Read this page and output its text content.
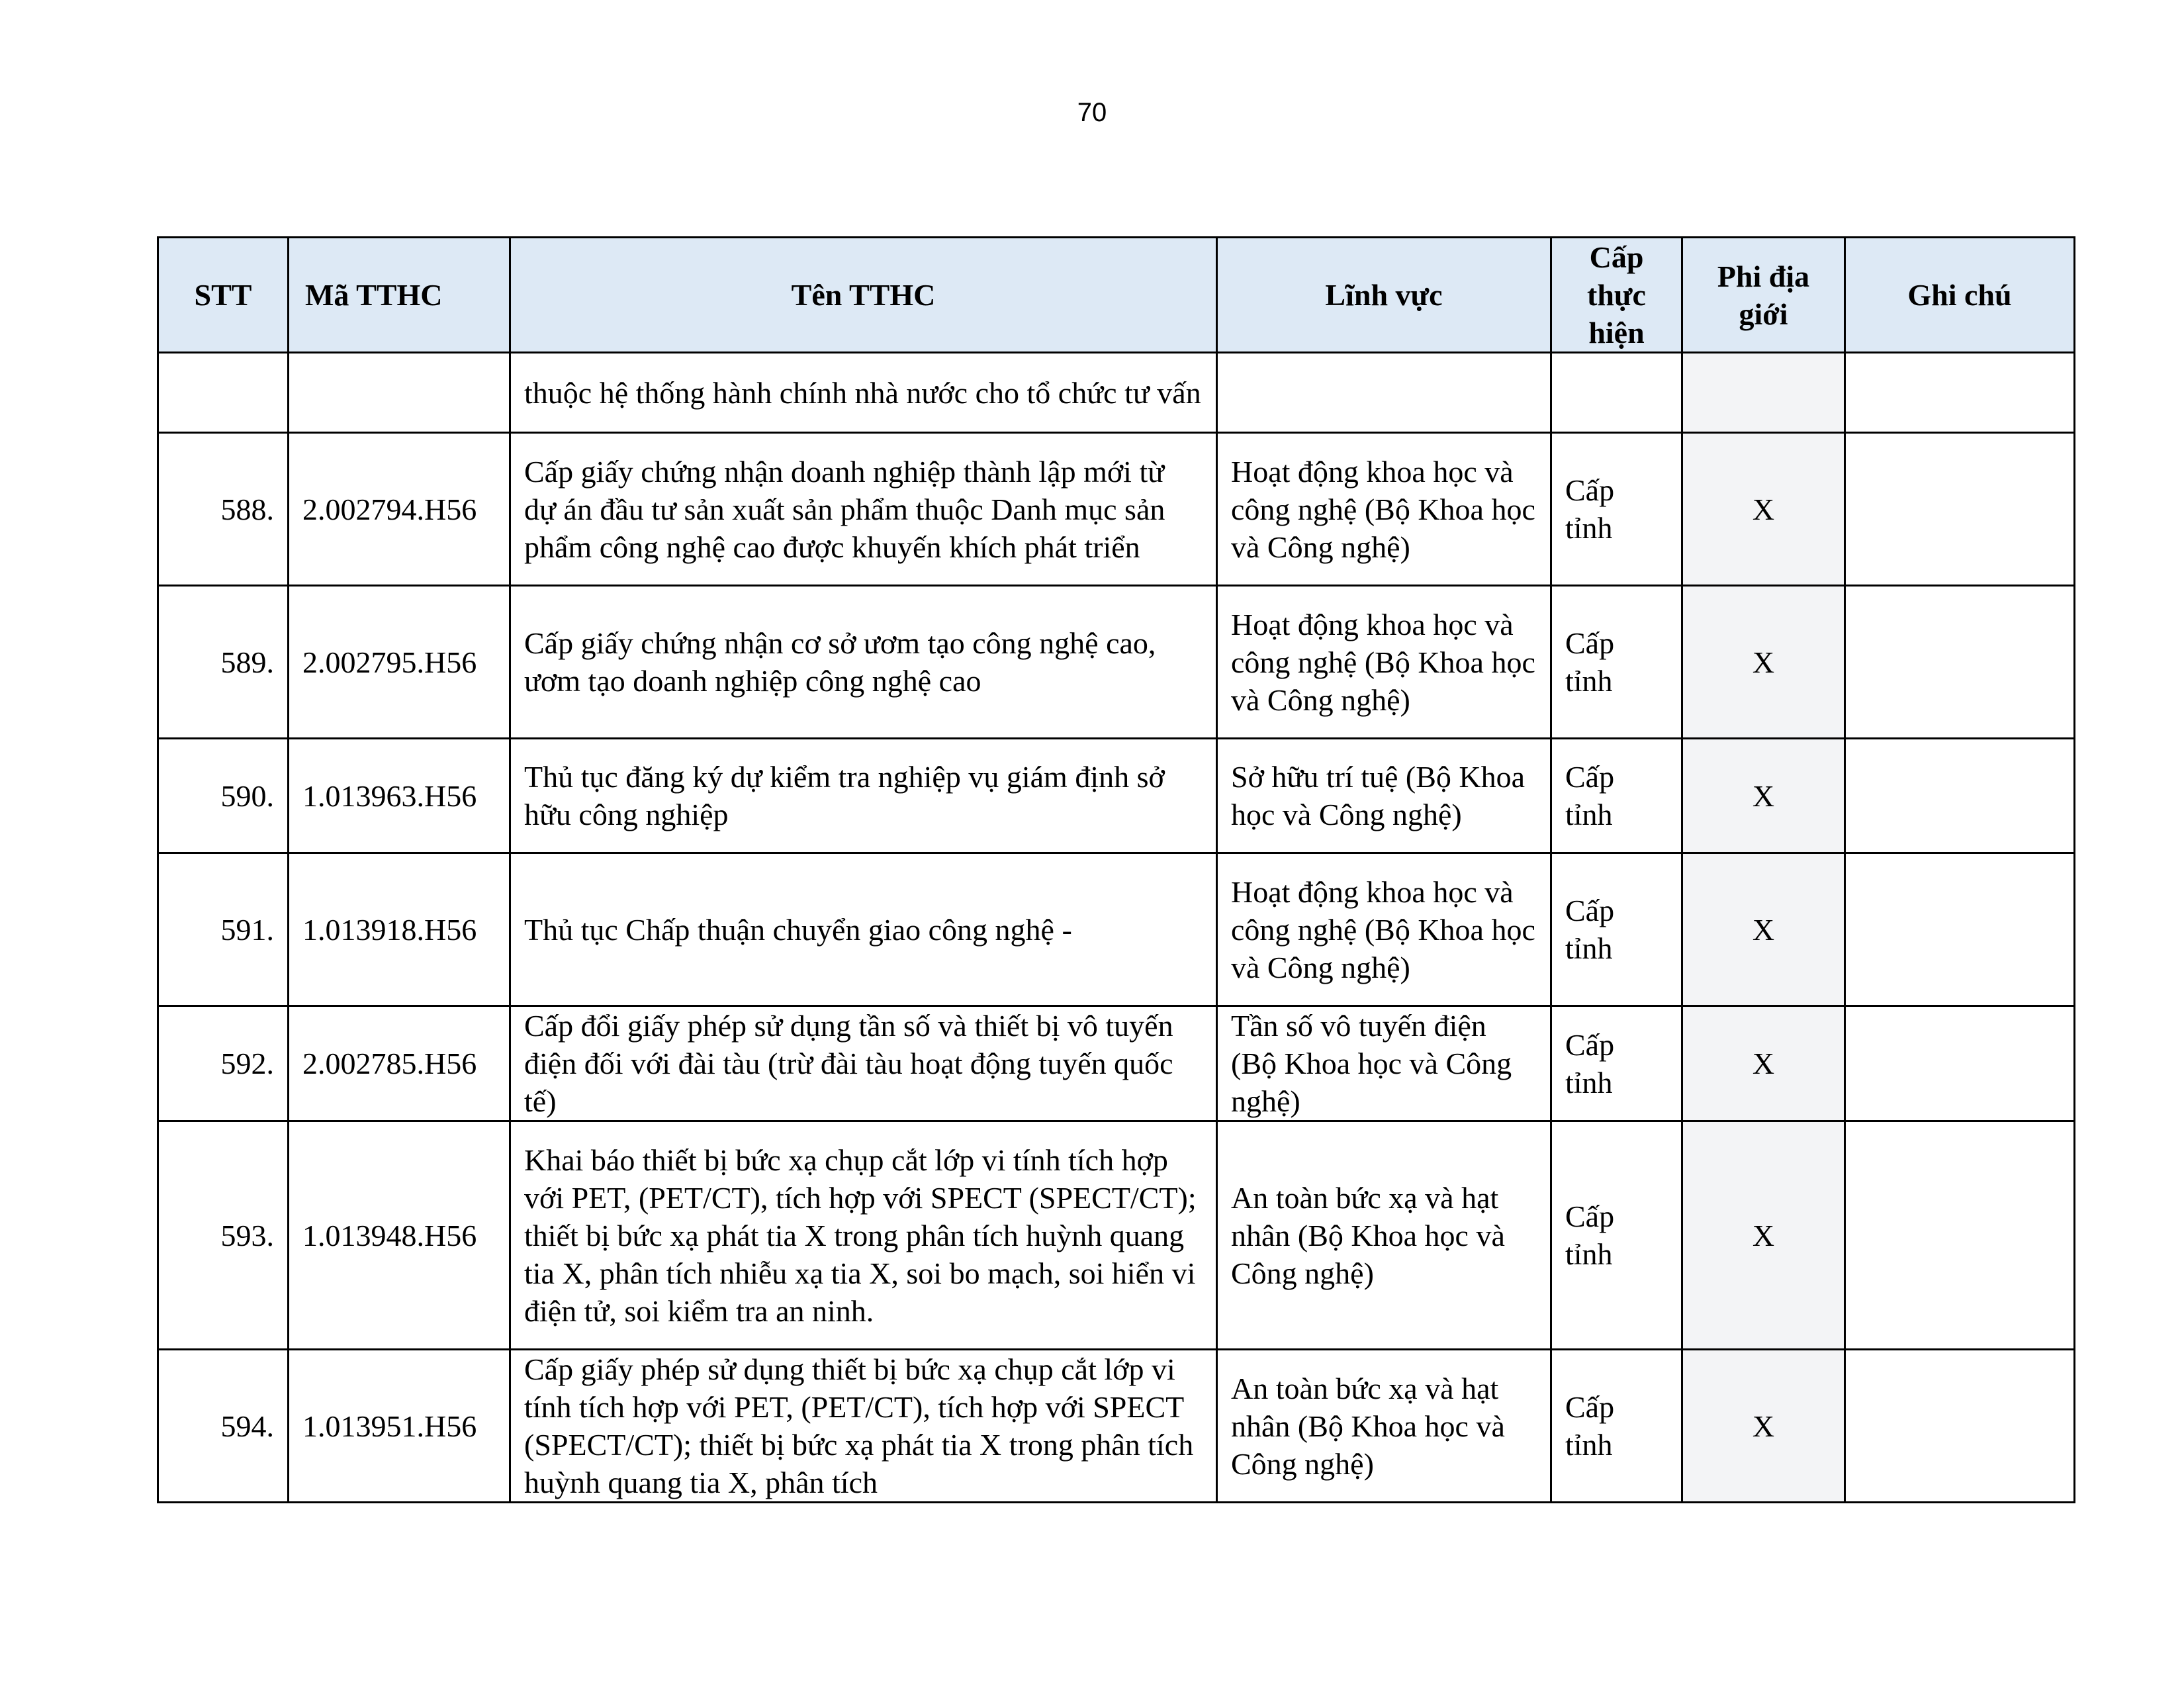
70
STT	Mã TTHC	Tên TTHC	Lĩnh vực	Cấp thực hiện	Phi địa giới	Ghi chú
		thuộc hệ thống hành chính nhà nước cho tổ chức tư vấn				
588.	2.002794.H56	Cấp giấy chứng nhận doanh nghiệp thành lập mới từ dự án đầu tư sản xuất sản phẩm thuộc Danh mục sản phẩm công nghệ cao được khuyến khích phát triển	Hoạt động khoa học và công nghệ (Bộ Khoa học và Công nghệ)	Cấp tỉnh	X	
589.	2.002795.H56	Cấp giấy chứng nhận cơ sở ươm tạo công nghệ cao, ươm tạo doanh nghiệp công nghệ cao	Hoạt động khoa học và công nghệ (Bộ Khoa học và Công nghệ)	Cấp tỉnh	X	
590.	1.013963.H56	Thủ tục đăng ký dự kiểm tra nghiệp vụ giám định sở hữu công nghiệp	Sở hữu trí tuệ (Bộ Khoa học và Công nghệ)	Cấp tỉnh	X	
591.	1.013918.H56	Thủ tục Chấp thuận chuyển giao công nghệ -	Hoạt động khoa học và công nghệ (Bộ Khoa học và Công nghệ)	Cấp tỉnh	X	
592.	2.002785.H56	Cấp đổi giấy phép sử dụng tần số và thiết bị vô tuyến điện đối với đài tàu (trừ đài tàu hoạt động tuyến quốc tế)	Tần số vô tuyến điện (Bộ Khoa học và Công nghệ)	Cấp tỉnh	X	
593.	1.013948.H56	Khai báo thiết bị bức xạ chụp cắt lớp vi tính tích hợp với PET, (PET/CT), tích hợp với SPECT (SPECT/CT); thiết bị bức xạ phát tia X trong phân tích huỳnh quang tia X, phân tích nhiễu xạ tia X, soi bo mạch, soi hiển vi điện tử, soi kiểm tra an ninh.	An toàn bức xạ và hạt nhân (Bộ Khoa học và Công nghệ)	Cấp tỉnh	X	
594.	1.013951.H56	Cấp giấy phép sử dụng thiết bị bức xạ chụp cắt lớp vi tính tích hợp với PET, (PET/CT), tích hợp với SPECT (SPECT/CT); thiết bị bức xạ phát tia X trong phân tích huỳnh quang tia X, phân tích	An toàn bức xạ và hạt nhân (Bộ Khoa học và Công nghệ)	Cấp tỉnh	X	
